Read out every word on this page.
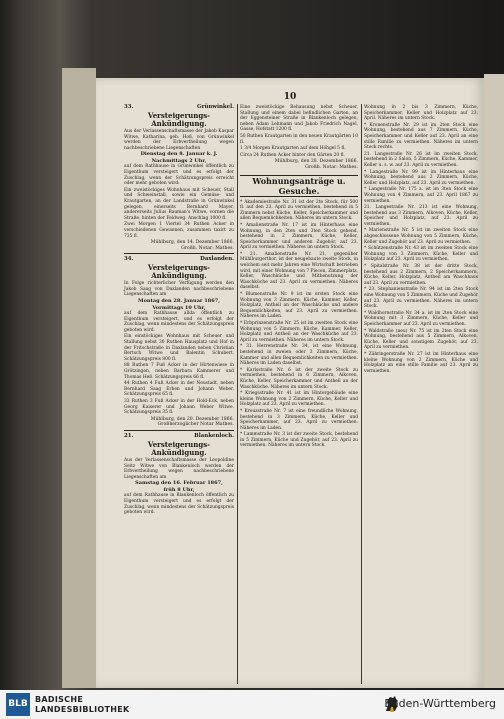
10
33.	Grünwinkel.
Versteigerungs-Ankündigung.
Aus der Verlassenschaftsmasse der Jakob Kaspar Witwe, Katharina, geb. Hoß, von Grünwinkel werden der Erbvertheilung wegen nachbeschriebene Liegenschaften
Dienstag den 8. Januar k. J.
Nachmittags 2 Uhr,
auf dem Rathhause in Grünwinkel öffentlich zu Eigenthum versteigert und es erfolgt der Zuschlag, wenn der Schätzungspreis erreicht oder mehr geboten wird:
Ein zweistöckiges Wohnhaus mit Scheuer, Stall und Schweinstall, sowie ein Gemüse- und Krautgarten, an der Landstraße in Grünwinkel gelegen, einerseits Bernhard Mayer, andererseits Julius Bauman's Witwe, vornen die Straße, hinten der Feldweg. Anschlag 1000 fl.
Zwei Morgen 1 Viertel 34 Ruthen Acker in verschiedenen Gewannen, zusammen taxirt zu 735 fl.
Mühlburg, den 14. Dezember 1866.
Großh. Notar: Mathes.
34.	Daxlanden.
Versteigerungs-Ankündigung.
In Folge richterlicher Verfügung werden den Jakob Saag von Daxlanden nachbeschriebene Liegenschaften am
Montag den 28. Januar 1867,
Vormittags 10 Uhr,
auf dem Rathhause allda öffentlich zu Eigenthum versteigert, und es erfolgt der Zuschlag, wenn mindestens der Schätzungspreis geboten wird.
Ein einstöckiges Wohnhaus mit Scheuer und Stallung nebst 30 Ruthen Hausplatz und Hof in der Fritschstraße in Daxlanden neben Christian Bertsch Witwe und Balentin Schubert. Schätzungspreis 800 fl.
88 Ruthen 7 Fuß Acker in der Hirtenwiese in Grötzingen, neben Barbara Kammerer und Thomas Heß. Schätzungspreis 66 fl.
44 Ruthen 4 Fuß Acker in der Neustadt, neben Bernhard Saag Erben und Johann Weber. Schätzungspreis 65 fl.
33 Ruthen 3 Fuß Acker in der Hold-Eck, neben Georg Kaiserer und Johann Weber Witwe. Schätzungspreis 35 fl.
Mühlburg, den 20. Dezember 1866.
Großherzoglicher Notar Mathes.
21.	Blankenloch.
Versteigerungs-Ankündigung.
Aus der Verlassenschaftsmasse der Leopoldine Seitz Witwe von Blankenloch werden der Erbvertheilung wegen nachbeschriebene Liegenschaften am
Samstag den 16. Februar 1867,
früh 8 Uhr,
auf dem Rathhause in Blankenloch öffentlich zu Eigenthum versteigert und es erfolgt der Zuschlag, wenn mindestens der Schätzungspreis geboten wird.
Eine zweistöckige Behausung nebst Scheuer, Stallung und einem dabei befindlichen Garten, an der Eggensteiner Straße in Blankenloch gelegen, neben Adam Lehmann und Jakob Friedrich Nagel, Gasse, Hofstatt 1200 fl.
50 Ruthen Krautgarten in den neuen Krautgärten 10 fl.
1 3/4 Morgen Krautgarten auf dem Höhgel 5 fl.
Circa 24 Ruthen Acker hinter den Gärten 20 fl.
Mühlburg, den 28. Dezember 1866.
Großh. Notar: Mathes.
Wohnungsanträge u. Gesuche.
* Akademiestraße Nr. 31 ist der 2te Stock, für 500 fl. auf den 23. April zu vermiethen, bestehend in 5 Zimmern nebst Küche, Keller, Speicherkammer und allen Bequemlichkeiten. Näheres im untern Stock.
* Amalienstraße Nr. 17 ist im Hinterhaus eine Wohnung, in den 2ten und 3ten Stock gehend, bestehend in 2 Zimmern, Küche, Keller, Speicherkammer und anderen Zugehör, auf 23. April zu vermiethen. Näheres im untern Stock.
* 21. Amalienstraße Nr. 21, gegenüber Mühlburgerthor, ist der neugebaute zweite Stock, in welchem seit mehr Jahren eine Wirtschaft betrieben wird, mit einer Wohnung von 7 Piecen, Zimmerplatz, Keller, Waschküche und Mitbenutzung der Waschküche auf 23. April zu vermiethen. Näheres daselbst.
* Blumenstraße Nr. 9 ist im ersten Stock eine Wohnung von 3 Zimmern, Küche, Kammer, Keller, Holzplatz, Antheil an der Waschküche und andere Bequemlichkeiten, auf 23. April zu vermiethen. Näheres im Laden.
* Erbprinzenstraße Nr. 25 ist im zweiten Stock eine Wohnung von 5 Zimmern, Küche, Kammer, Keller, Holzplatz und Antheil an der Waschküche auf 23. April zu vermiethen. Näheres im untern Stock.
* 31. Herrenstraße Nr. 34, ist eine Wohnung, bestehend in zweien oder 3 Zimmern, Küche, Kammer und allen Bequemlichkeiten zu vermiethen. Näheres im Laden daselbst.
* Karlsstraße Nr. 6 ist der zweite Stock zu vermiethen, bestehend in 6 Zimmern, Alkoven, Küche, Keller, Speicherkammer und Antheil an der Waschküche. Näheres im untern Stock.
* Kriegsstraße Nr. 41 ist im Hintergebäude eine kleine Wohnung von 2 Zimmern, Küche, Keller und Holzplatz auf 23. April zu vermiethen.
* Kreuzstraße Nr. 7 ist eine freundliche Wohnung, bestehend in 3 Zimmern, Küche, Keller und Speicherkammer, auf 23. April zu vermiethen. Näheres im Laden.
* Lammstraße Nr. 3 ist der zweite Stock, bestehend in 5 Zimmern, Küche und Zugehör, auf 23. April zu vermiethen. Näheres im untern Stock.
Wohnung in 2 bis 3 Zimmern, Küche, Speicherkammer, Keller und Holzplatz auf 23. April. Näheres im untern Stock.
* Kronenstraße Nr. 29 ist im 2ten Stock eine Wohnung, bestehend aus 7 Zimmern, Küche, Speicherkammer und Keller auf 23. April an eine stille Familie zu vermiethen. Näheres im untern Stock rechts.
21. Langestraße Nr. 26 ist im zweiten Stock, bestehend in 2 Salon, 5 Zimmern, Küche, Kammer, Keller u. s. w. auf 23. April zu vermiethen.
* Langestraße Nr. 99 ist im Hinterhaus eine Wohnung, bestehend aus 2 Zimmern, Küche, Keller und Holzplatz, auf 23. April zu vermiethen.
* Langestraße Nr. 175 a. ist im 3ten Stock eine Wohnung von 4 Zimmern, auf 23. April 1867 zu vermiethen.
21. Langestraße Nr. 213 ist eine Wohnung, bestehend aus 3 Zimmern, Alkoven, Küche, Keller, Speicher und Holzplatz, auf 23. April zu vermiethen.
* Marienstraße Nr. 5 ist im zweiten Stock eine abgeschlossene Wohnung von 5 Zimmern, Küche, Keller und Zugehör auf 23. April zu vermiethen.
* Schützenstraße Nr. 43 ist im zweiten Stock eine Wohnung von 3 Zimmern, Küche, Keller und Holzplatz auf 23. April zu vermiethen.
* Spitalstraße Nr. 38 ist der dritte Stock, bestehend aus 2 Zimmern, 2 Speicherkammern, Küche, Keller, Holzplatz, Antheil am Waschhaus auf 23. April zu vermiethen.
* 23. Stephanienstraße Nr. 94 ist im 2ten Stock eine Wohnung von 5 Zimmern, Küche und Zugehör auf 23. April zu vermiethen. Näheres im untern Stock.
* Waldhornstraße Nr. 34 a. ist im 2ten Stock eine Wohnung mit 3 Zimmern, Küche, Keller und Speicherkammer auf 23. April zu vermiethen.
* Waldstraße (neu) Nr. 75 ist im 2ten Stock eine Wohnung, bestehend aus 5 Zimmern, Alkoven, Küche, Keller und sonstigem Zugehör, auf 23. April zu vermiethen.
* Zähringerstraße Nr. 27 ist im Hinterhaus eine kleine Wohnung von 2 Zimmern, Küche und Holzplatz an eine stille Familie auf 23. April zu vermiethen.
BLB BADISCHE
LANDESBIBLIOTHEK	Baden-Württemberg
